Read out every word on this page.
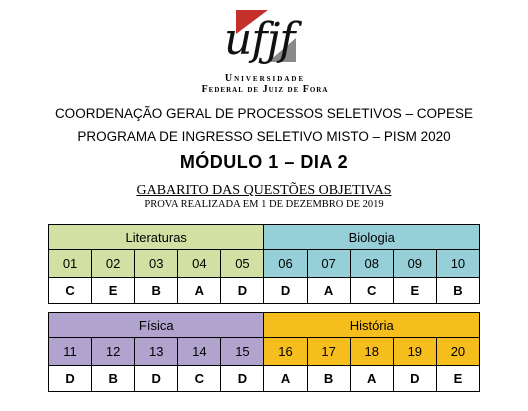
ufjf
Universidade
Federal de Juiz de Fora
COORDENAÇÃO GERAL DE PROCESSOS SELETIVOS – COPESE
PROGRAMA DE INGRESSO SELETIVO MISTO – PISM 2020
MÓDULO 1 – DIA 2
GABARITO DAS QUESTÕES OBJETIVAS
PROVA REALIZADA EM 1 DE DEZEMBRO DE 2019
Literaturas					Biologia				
01	02	03	04	05	06	07	08	09	10
C	E	B	A	D	D	A	C	E	B
Física					História				
11	12	13	14	15	16	17	18	19	20
D	B	D	C	D	A	B	A	D	E
